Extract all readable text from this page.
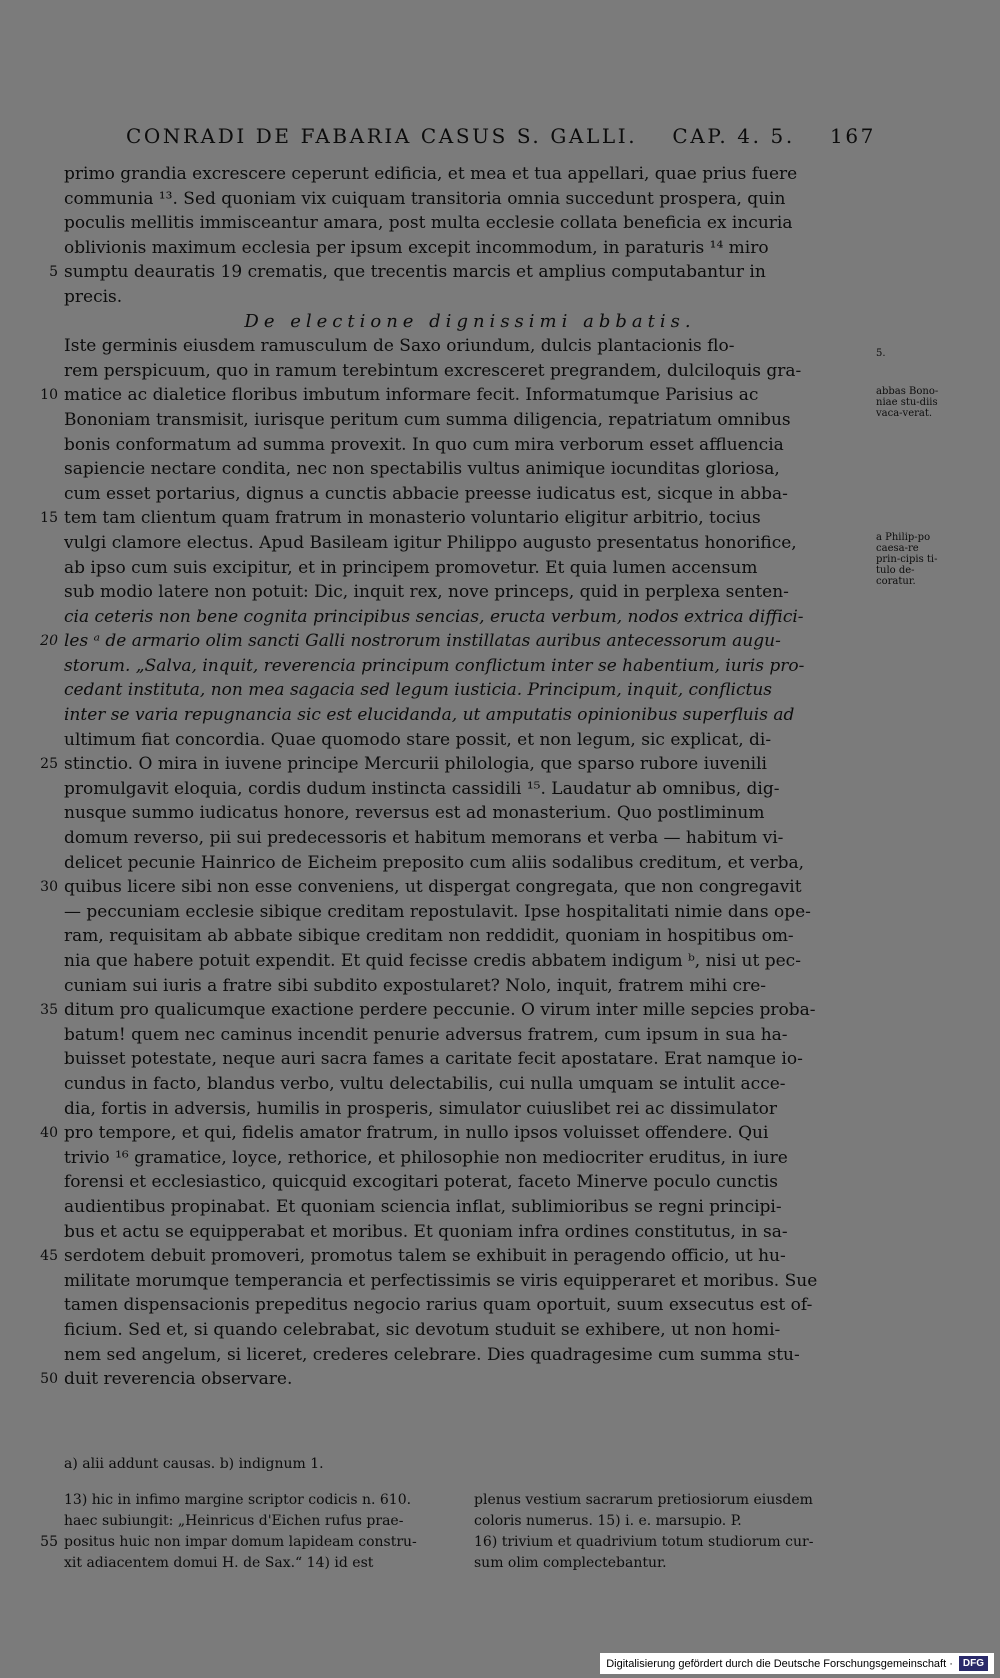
CONRADI DE FABARIA CASUS S. GALLI. CAP. 4. 5. 167
primo grandia excrescere ceperunt edificia, et mea et tua appellari, quae prius fuere
communia ¹³. Sed quoniam vix cuiquam transitoria omnia succedunt prospera, quin
poculis mellitis immisceantur amara, post multa ecclesie collata beneficia ex incuria
oblivionis maximum ecclesia per ipsum excepit incommodum, in paraturis ¹⁴ miro
5 sumptu deauratis 19 crematis, que trecentis marcis et amplius computabantur in
precis.
De electione dignissimi abbatis.
Iste germinis eiusdem ramusculum de Saxo oriundum, dulcis plantacionis flo-
rem perspicuum, quo in ramum terebintum excresceret pregrandem, dulciloquis gra-
10 matice ac dialetice floribus imbutum informare fecit. Informatumque Parisius ac
Bononiam transmisit, iurisque peritum cum summa diligencia, repatriatum omnibus
bonis conformatum ad summa provexit. In quo cum mira verborum esset affluencia
sapiencie nectare condita, nec non spectabilis vultus animique iocunditas gloriosa,
cum esset portarius, dignus a cunctis abbacie preesse iudicatus est, sicque in abba-
15 tem tam clientum quam fratrum in monasterio voluntario eligitur arbitrio, tocius
vulgi clamore electus. Apud Basileam igitur Philippo augusto presentatus honorifice,
ab ipso cum suis excipitur, et in principem promovetur. Et quia lumen accensum
sub modio latere non potuit: Dic, inquit rex, nove princeps, quid in perplexa senten-
cia ceteris non bene cognita principibus sencias, eructa verbum, nodos extrica diffici-
20 les ᵃ de armario olim sancti Galli nostrorum instillatas auribus antecessorum augu-
storum. „Salva, inquit, reverencia principum conflictum inter se habentium, iuris pro-
cedant instituta, non mea sagacia sed legum iusticia. Principum, inquit, conflictus
inter se varia repugnancia sic est elucidanda, ut amputatis opinionibus superfluis ad
ultimum fiat concordia. Quae quomodo stare possit, et non legum, sic explicat, di-
25 stinctio. O mira in iuvene principe Mercurii philologia, que sparso rubore iuvenili
promulgavit eloquia, cordis dudum instincta cassidili ¹⁵. Laudatur ab omnibus, dig-
nusque summo iudicatus honore, reversus est ad monasterium. Quo postliminum
domum reverso, pii sui predecessoris et habitum memorans et verba — habitum vi-
delicet pecunie Hainrico de Eicheim preposito cum aliis sodalibus creditum, et verba,
30 quibus licere sibi non esse conveniens, ut dispergat congregata, que non congregavit
— peccuniam ecclesie sibique creditam repostulavit. Ipse hospitalitati nimie dans ope-
ram, requisitam ab abbate sibique creditam non reddidit, quoniam in hospitibus om-
nia que habere potuit expendit. Et quid fecisse credis abbatem indigum ᵇ, nisi ut pec-
cuniam sui iuris a fratre sibi subdito expostularet? Nolo, inquit, fratrem mihi cre-
35 ditum pro qualicumque exactione perdere peccunie. O virum inter mille sepcies proba-
batum! quem nec caminus incendit penurie adversus fratrem, cum ipsum in sua ha-
buisset potestate, neque auri sacra fames a caritate fecit apostatare. Erat namque io-
cundus in facto, blandus verbo, vultu delectabilis, cui nulla umquam se intulit acce-
dia, fortis in adversis, humilis in prosperis, simulator cuiuslibet rei ac dissimulator
40 pro tempore, et qui, fidelis amator fratrum, in nullo ipsos voluisset offendere. Qui
trivio ¹⁶ gramatice, loyce, rethorice, et philosophie non mediocriter eruditus, in iure
forensi et ecclesiastico, quicquid excogitari poterat, faceto Minerve poculo cunctis
audientibus propinabat. Et quoniam sciencia inflat, sublimioribus se regni principi-
bus et actu se equipperabat et moribus. Et quoniam infra ordines constitutus, in sa-
45 serdotem debuit promoveri, promotus talem se exhibuit in peragendo officio, ut hu-
militate morumque temperancia et perfectissimis se viris equipperaret et moribus. Sue
tamen dispensacionis prepeditus negocio rarius quam oportuit, suum exsecutus est of-
ficium. Sed et, si quando celebrabat, sic devotum studuit se exhibere, ut non homi-
nem sed angelum, si liceret, crederes celebrare. Dies quadragesime cum summa stu-
50 duit reverencia observare.
5.
abbas Bono-niae stu-diis vaca-verat.
a Philip-po caesa-re prin-cipis ti-tulo de-coratur.
a) alii addunt causas. b) indignum 1.
13) hic in infimo margine scriptor codicis n. 610.
haec subiungit: „Heinricus d'Eichen rufus prae-
55 positus huic non impar domum lapideam constru-
xit adiacentem domui H. de Sax.“ 14) id est
plenus vestium sacrarum pretiosiorum eiusdem
coloris numerus. 15) i. e. marsupio. P.
16) trivium et quadrivium totum studiorum cur-
sum olim complectebantur.
Digitalisierung gefördert durch die Deutsche Forschungsgemeinschaft ·	DFG
